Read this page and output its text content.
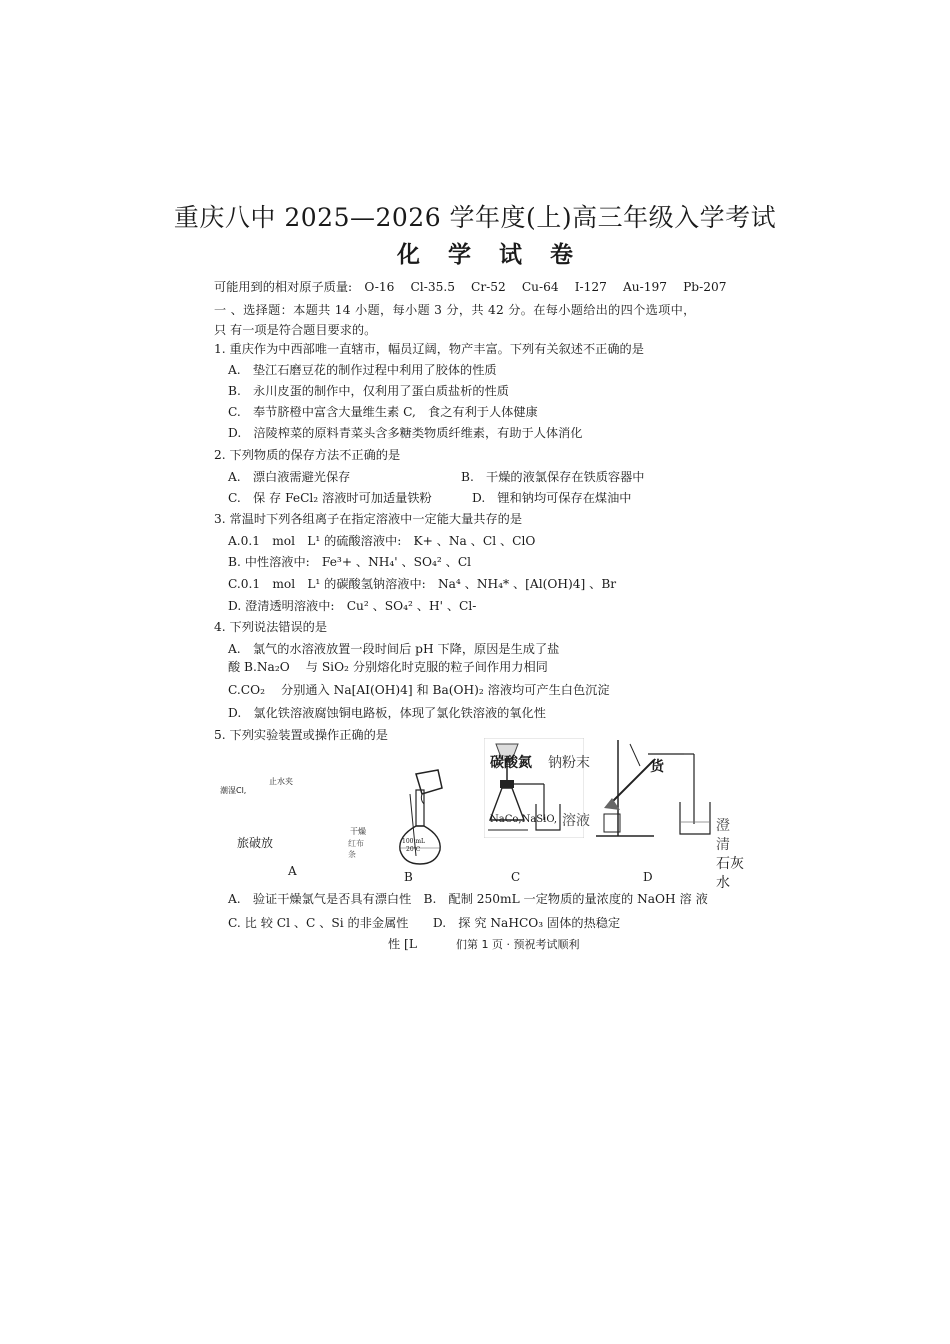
重庆八中 2025—2026 学年度(上)高三年级入学考试
化 学 试 卷
可能用到的相对原子质量:　O-16　 Cl-35.5　 Cr-52　 Cu-64　 I-127　 Au-197　 Pb-207
一 、选择题：本题共 14 小题，每小题 3 分，共 42 分。在每小题给出的四个选项中，
只 有一项是符合题目要求的。
1. 重庆作为中西部唯一直辖市，幅员辽阔，物产丰富。下列有关叙述不正确的是
A.　垫江石磨豆花的制作过程中利用了胶体的性质
B.　永川皮蛋的制作中，仅利用了蛋白质盐析的性质
C.　奉节脐橙中富含大量维生素 C,　食之有利于人体健康
D.　涪陵榨菜的原料青菜头含多糖类物质纤维素，有助于人体消化
2. 下列物质的保存方法不正确的是
A.　漂白液需避光保存	B.　干燥的液氯保存在铁质容器中
C.　保 存 FeCl₂ 溶液时可加适量铁粉	D.　锂和钠均可保存在煤油中
3. 常温时下列各组离子在指定溶液中一定能大量共存的是
A.0.1　mol　L¹ 的硫酸溶液中:　K+ 、Na 、Cl 、ClO
B. 中性溶液中:　Fe³+ 、NH₄' 、SO₄² 、Cl
C.0.1　mol　L¹ 的碳酸氢钠溶液中:　Na⁴ 、NH₄* 、[Al(OH)4] 、Br
D. 澄清透明溶液中:　Cu² 、SO₄² 、H' 、Cl-
4. 下列说法错误的是
A.　氯气的水溶液放置一段时间后 pH 下降，原因是生成了盐
酸 B.Na₂O　 与 SiO₂ 分别熔化时克服的粒子间作用力相同
C.CO₂　 分别通入 Na[AI(OH)4] 和 Ba(OH)₂ 溶液均可产生白色沉淀
D.　氯化铁溶液腐蚀铜电路板，体现了氯化铁溶液的氧化性
5. 下列实验装置或操作正确的是
潮湿Cl,
止水夹
旅破放
干燥
红布
条
A
100 mL
20℃
B
碳酸氮 钠粉末
NaCo,NaSiO, 溶液
C
货
澄
清
石灰
水
D
A.　验证干燥氯气是否具有漂白性　B.　配制 250mL 一定物质的量浓度的 NaOH 溶 液
C. 比 较 Cl 、C 、Si 的非金属性　　D.　探 究 NaHCO₃ 固体的热稳定
性 [L	们第 1 页 · 预祝考试顺利
